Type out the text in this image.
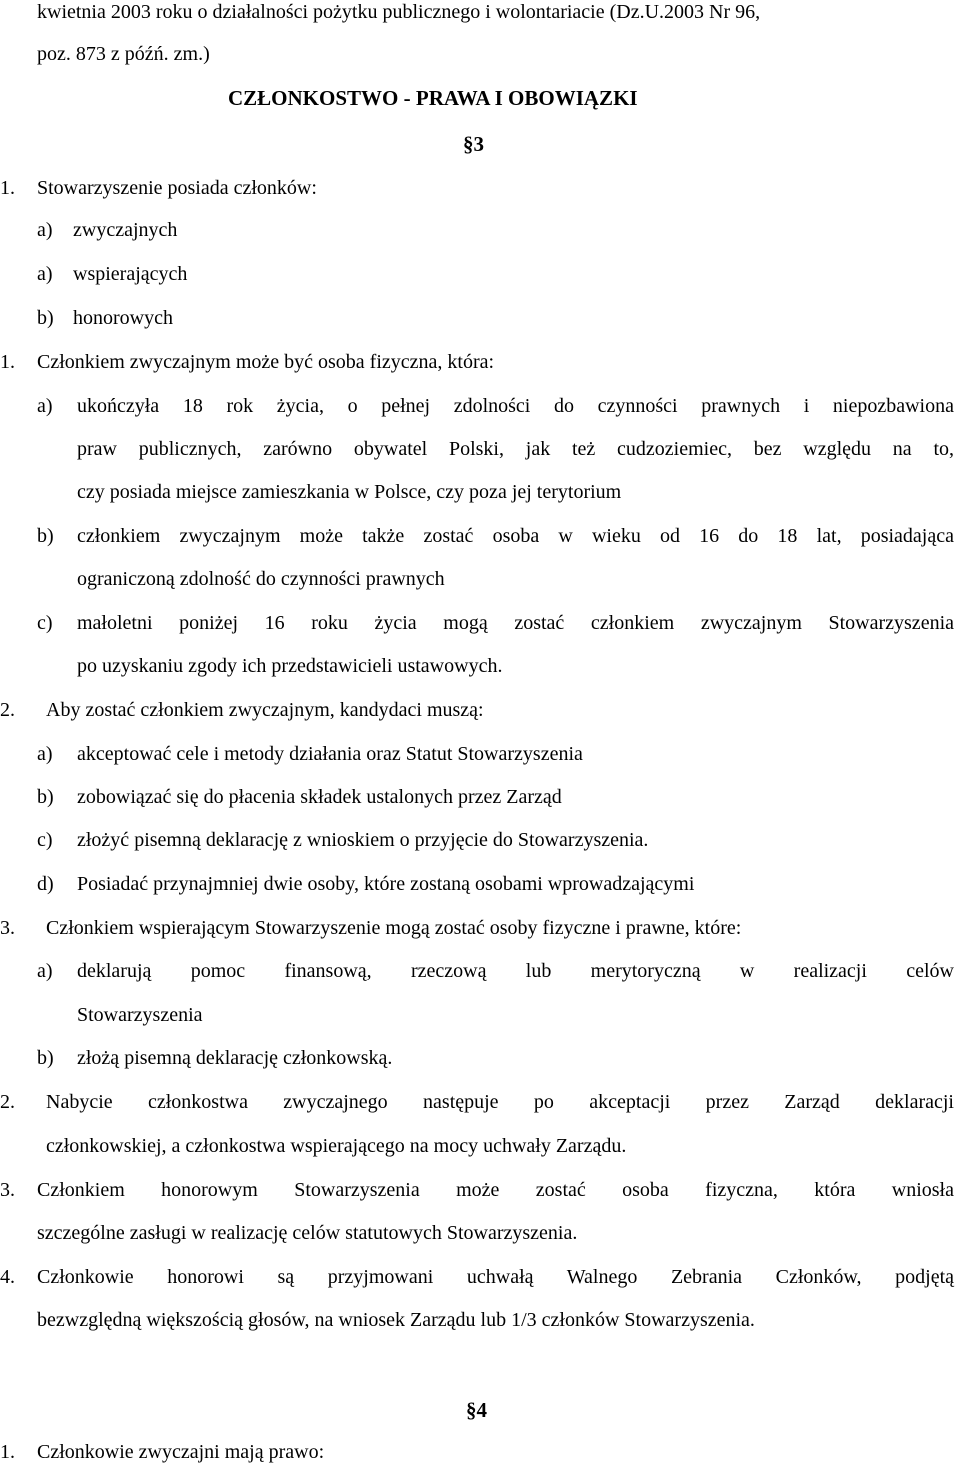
kwietnia 2003 roku o działalności pożytku publicznego i wolontariacie (Dz.U.2003 Nr 96,
poz. 873 z późń. zm.)
CZŁONKOSTWO - PRAWA I OBOWIĄZKI
§3
1. Stowarzyszenie posiada członków:
a) zwyczajnych
a) wspierających
b) honorowych
1. Członkiem zwyczajnym może być osoba fizyczna, która:
a) ukończyła 18 rok życia, o pełnej zdolności do czynności prawnych i niepozbawiona
praw publicznych, zarówno obywatel Polski, jak też cudzoziemiec, bez względu na to,
czy posiada miejsce zamieszkania w Polsce, czy poza jej terytorium
b) członkiem zwyczajnym może także zostać osoba w wieku od 16 do 18 lat, posiadająca
ograniczoną zdolność do czynności prawnych
c) małoletni poniżej 16 roku życia mogą zostać członkiem zwyczajnym Stowarzyszenia
po uzyskaniu zgody ich przedstawicieli ustawowych.
2. Aby zostać członkiem zwyczajnym, kandydaci muszą:
a) akceptować cele i metody działania oraz Statut Stowarzyszenia
b) zobowiązać się do płacenia składek ustalonych przez Zarząd
c) złożyć pisemną deklarację z wnioskiem o przyjęcie do Stowarzyszenia.
d) Posiadać przynajmniej dwie osoby, które zostaną osobami wprowadzającymi
3. Członkiem wspierającym Stowarzyszenie mogą zostać osoby fizyczne i prawne, które:
a) deklarują pomoc finansową, rzeczową lub merytoryczną w realizacji celów
Stowarzyszenia
b) złożą pisemną deklarację członkowską.
2. Nabycie członkostwa zwyczajnego następuje po akceptacji przez Zarząd deklaracji
członkowskiej, a członkostwa wspierającego na mocy uchwały Zarządu.
3. Członkiem honorowym Stowarzyszenia może zostać osoba fizyczna, która wniosła
szczególne zasługi w realizację celów statutowych Stowarzyszenia.
4. Członkowie honorowi są przyjmowani uchwałą Walnego Zebrania Członków, podjętą
bezwzględną większością głosów, na wniosek Zarządu lub 1/3 członków Stowarzyszenia.
§4
1. Członkowie zwyczajni mają prawo:
